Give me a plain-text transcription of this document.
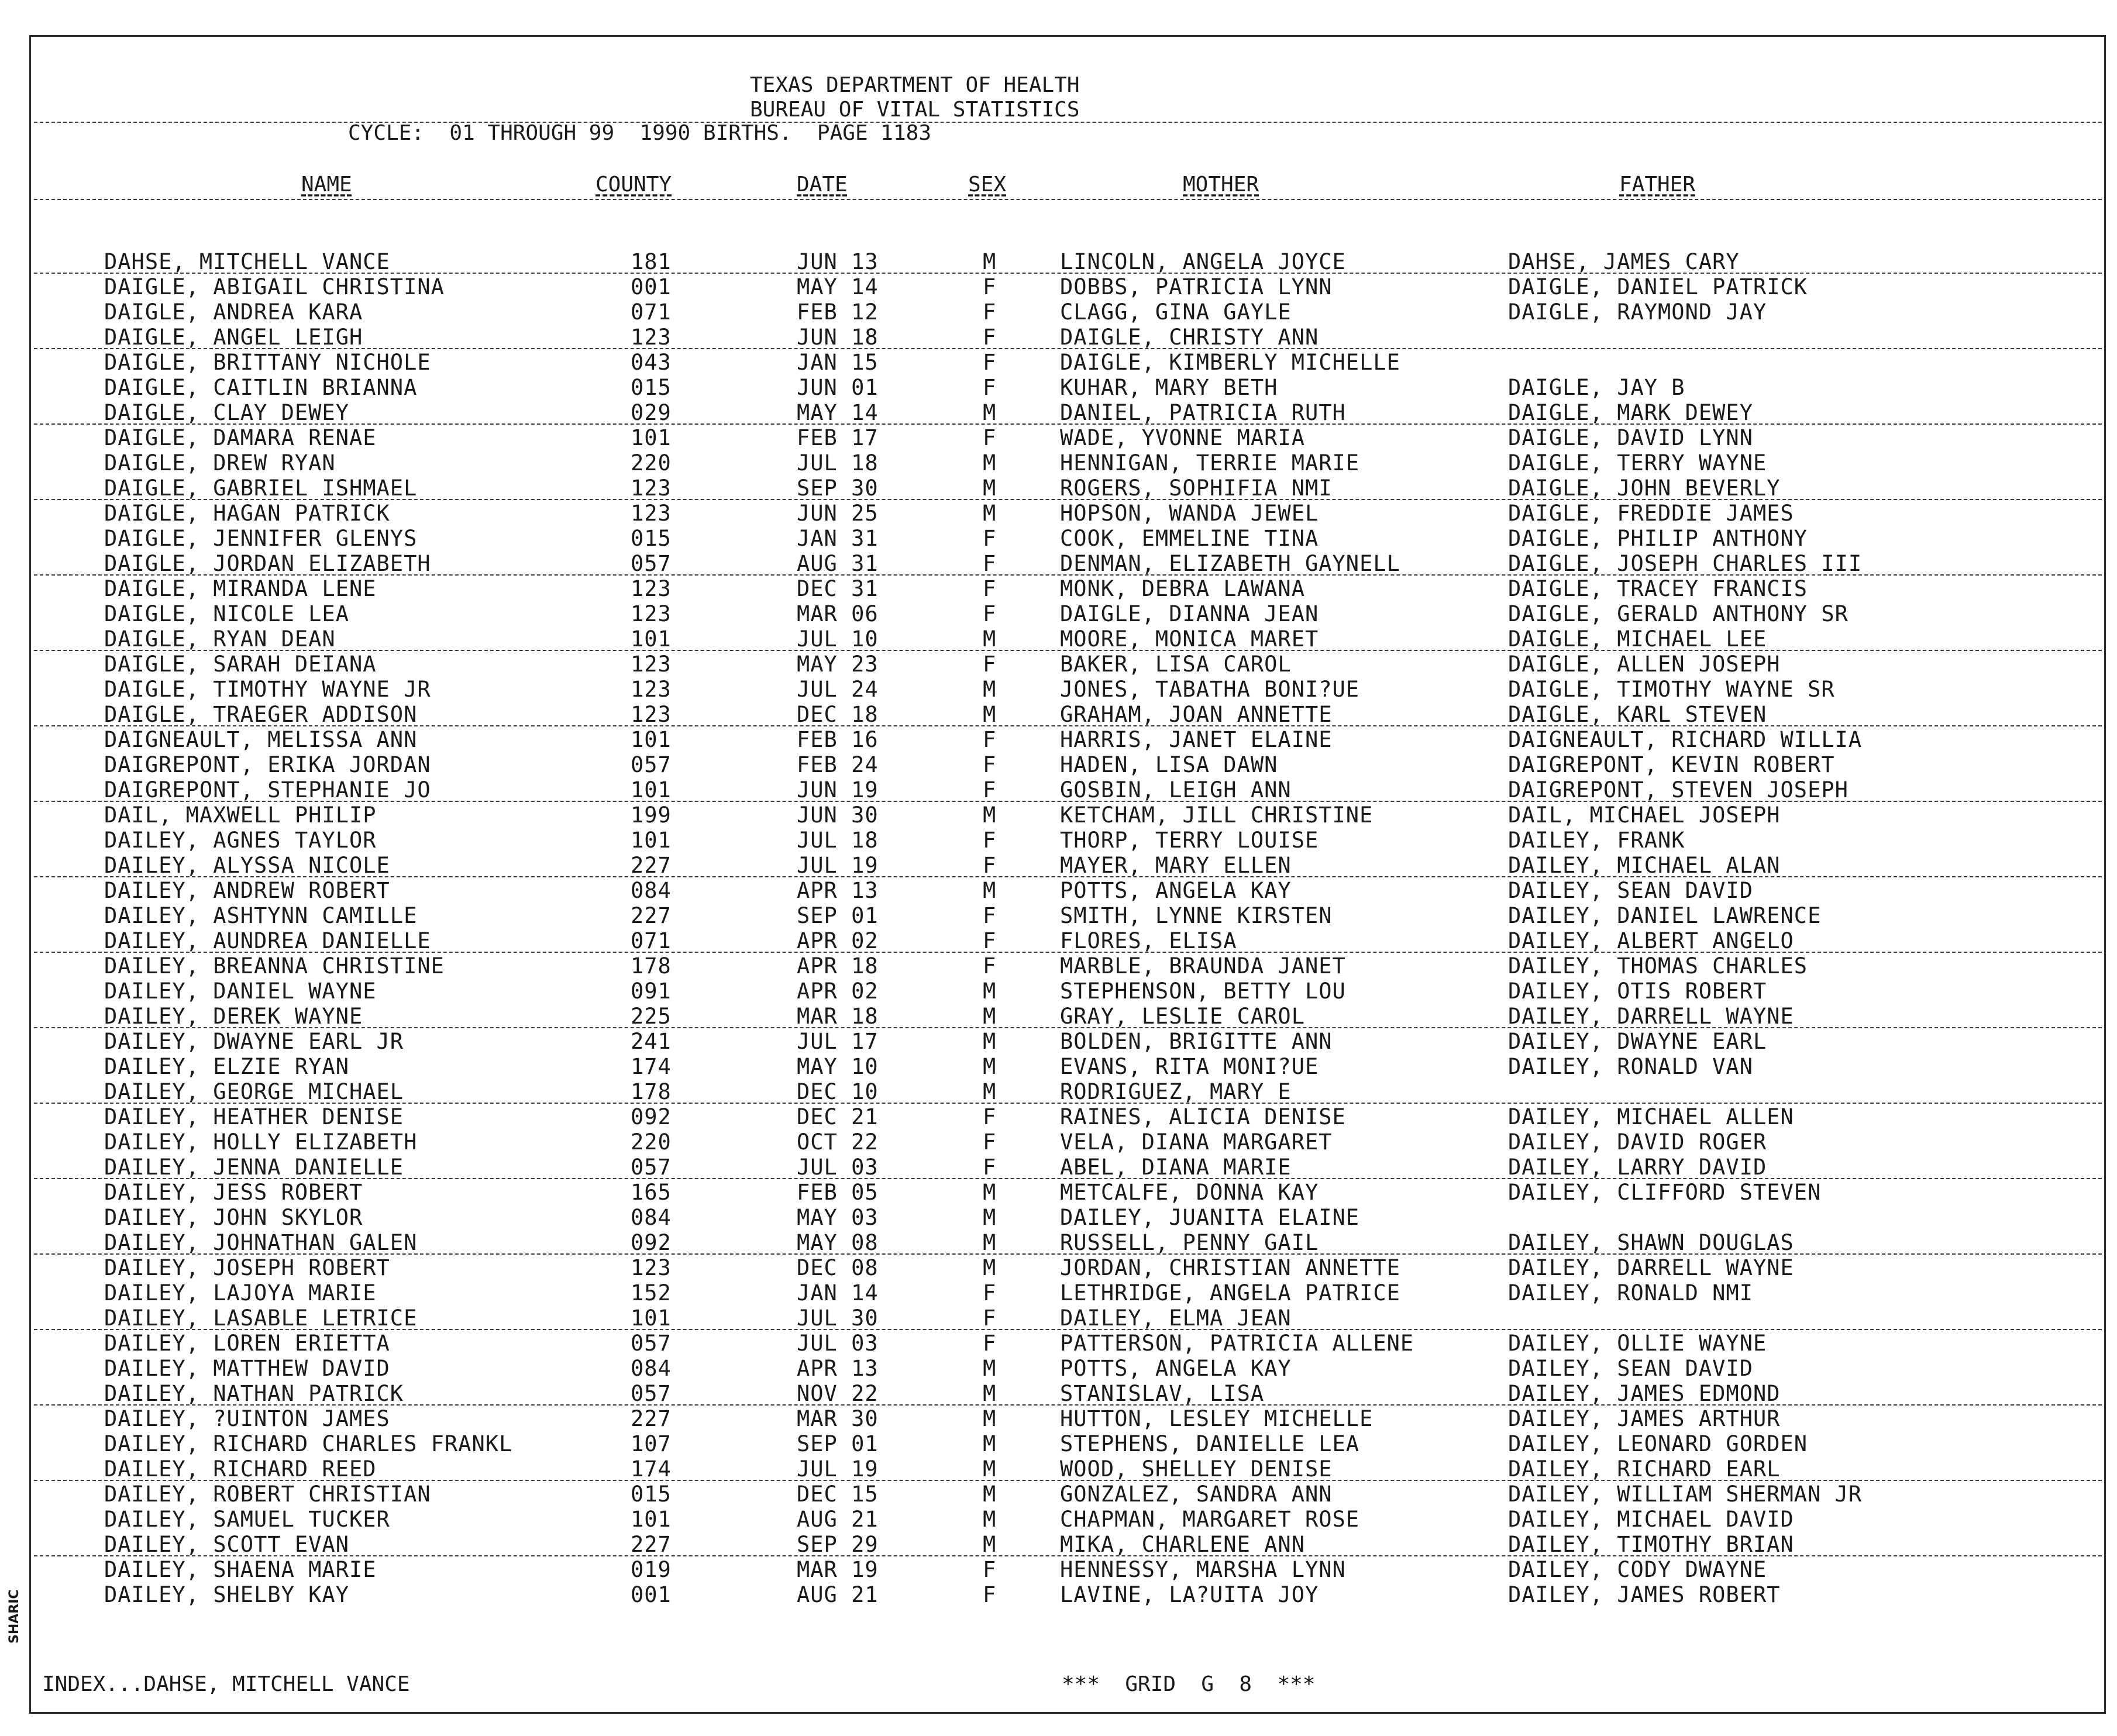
TEXAS DEPARTMENT OF HEALTH
BUREAU OF VITAL STATISTICS
CYCLE:  01 THROUGH 99  1990 BIRTHS.  PAGE 1183
NAME	COUNTY	DATE	SEX	MOTHER	FATHER
DAHSE, MITCHELL VANCE	181	JUN 13	M	LINCOLN, ANGELA JOYCE	DAHSE, JAMES CARY
DAIGLE, ABIGAIL CHRISTINA	001	MAY 14	F	DOBBS, PATRICIA LYNN	DAIGLE, DANIEL PATRICK
DAIGLE, ANDREA KARA	071	FEB 12	F	CLAGG, GINA GAYLE	DAIGLE, RAYMOND JAY
DAIGLE, ANGEL LEIGH	123	JUN 18	F	DAIGLE, CHRISTY ANN
DAIGLE, BRITTANY NICHOLE	043	JAN 15	F	DAIGLE, KIMBERLY MICHELLE
DAIGLE, CAITLIN BRIANNA	015	JUN 01	F	KUHAR, MARY BETH	DAIGLE, JAY B
DAIGLE, CLAY DEWEY	029	MAY 14	M	DANIEL, PATRICIA RUTH	DAIGLE, MARK DEWEY
DAIGLE, DAMARA RENAE	101	FEB 17	F	WADE, YVONNE MARIA	DAIGLE, DAVID LYNN
DAIGLE, DREW RYAN	220	JUL 18	M	HENNIGAN, TERRIE MARIE	DAIGLE, TERRY WAYNE
DAIGLE, GABRIEL ISHMAEL	123	SEP 30	M	ROGERS, SOPHIFIA NMI	DAIGLE, JOHN BEVERLY
DAIGLE, HAGAN PATRICK	123	JUN 25	M	HOPSON, WANDA JEWEL	DAIGLE, FREDDIE JAMES
DAIGLE, JENNIFER GLENYS	015	JAN 31	F	COOK, EMMELINE TINA	DAIGLE, PHILIP ANTHONY
DAIGLE, JORDAN ELIZABETH	057	AUG 31	F	DENMAN, ELIZABETH GAYNELL	DAIGLE, JOSEPH CHARLES III
DAIGLE, MIRANDA LENE	123	DEC 31	F	MONK, DEBRA LAWANA	DAIGLE, TRACEY FRANCIS
DAIGLE, NICOLE LEA	123	MAR 06	F	DAIGLE, DIANNA JEAN	DAIGLE, GERALD ANTHONY SR
DAIGLE, RYAN DEAN	101	JUL 10	M	MOORE, MONICA MARET	DAIGLE, MICHAEL LEE
DAIGLE, SARAH DEIANA	123	MAY 23	F	BAKER, LISA CAROL	DAIGLE, ALLEN JOSEPH
DAIGLE, TIMOTHY WAYNE JR	123	JUL 24	M	JONES, TABATHA BONI?UE	DAIGLE, TIMOTHY WAYNE SR
DAIGLE, TRAEGER ADDISON	123	DEC 18	M	GRAHAM, JOAN ANNETTE	DAIGLE, KARL STEVEN
DAIGNEAULT, MELISSA ANN	101	FEB 16	F	HARRIS, JANET ELAINE	DAIGNEAULT, RICHARD WILLIA
DAIGREPONT, ERIKA JORDAN	057	FEB 24	F	HADEN, LISA DAWN	DAIGREPONT, KEVIN ROBERT
DAIGREPONT, STEPHANIE JO	101	JUN 19	F	GOSBIN, LEIGH ANN	DAIGREPONT, STEVEN JOSEPH
DAIL, MAXWELL PHILIP	199	JUN 30	M	KETCHAM, JILL CHRISTINE	DAIL, MICHAEL JOSEPH
DAILEY, AGNES TAYLOR	101	JUL 18	F	THORP, TERRY LOUISE	DAILEY, FRANK
DAILEY, ALYSSA NICOLE	227	JUL 19	F	MAYER, MARY ELLEN	DAILEY, MICHAEL ALAN
DAILEY, ANDREW ROBERT	084	APR 13	M	POTTS, ANGELA KAY	DAILEY, SEAN DAVID
DAILEY, ASHTYNN CAMILLE	227	SEP 01	F	SMITH, LYNNE KIRSTEN	DAILEY, DANIEL LAWRENCE
DAILEY, AUNDREA DANIELLE	071	APR 02	F	FLORES, ELISA	DAILEY, ALBERT ANGELO
DAILEY, BREANNA CHRISTINE	178	APR 18	F	MARBLE, BRAUNDA JANET	DAILEY, THOMAS CHARLES
DAILEY, DANIEL WAYNE	091	APR 02	M	STEPHENSON, BETTY LOU	DAILEY, OTIS ROBERT
DAILEY, DEREK WAYNE	225	MAR 18	M	GRAY, LESLIE CAROL	DAILEY, DARRELL WAYNE
DAILEY, DWAYNE EARL JR	241	JUL 17	M	BOLDEN, BRIGITTE ANN	DAILEY, DWAYNE EARL
DAILEY, ELZIE RYAN	174	MAY 10	M	EVANS, RITA MONI?UE	DAILEY, RONALD VAN
DAILEY, GEORGE MICHAEL	178	DEC 10	M	RODRIGUEZ, MARY E
DAILEY, HEATHER DENISE	092	DEC 21	F	RAINES, ALICIA DENISE	DAILEY, MICHAEL ALLEN
DAILEY, HOLLY ELIZABETH	220	OCT 22	F	VELA, DIANA MARGARET	DAILEY, DAVID ROGER
DAILEY, JENNA DANIELLE	057	JUL 03	F	ABEL, DIANA MARIE	DAILEY, LARRY DAVID
DAILEY, JESS ROBERT	165	FEB 05	M	METCALFE, DONNA KAY	DAILEY, CLIFFORD STEVEN
DAILEY, JOHN SKYLOR	084	MAY 03	M	DAILEY, JUANITA ELAINE
DAILEY, JOHNATHAN GALEN	092	MAY 08	M	RUSSELL, PENNY GAIL	DAILEY, SHAWN DOUGLAS
DAILEY, JOSEPH ROBERT	123	DEC 08	M	JORDAN, CHRISTIAN ANNETTE	DAILEY, DARRELL WAYNE
DAILEY, LAJOYA MARIE	152	JAN 14	F	LETHRIDGE, ANGELA PATRICE	DAILEY, RONALD NMI
DAILEY, LASABLE LETRICE	101	JUL 30	F	DAILEY, ELMA JEAN
DAILEY, LOREN ERIETTA	057	JUL 03	F	PATTERSON, PATRICIA ALLENE	DAILEY, OLLIE WAYNE
DAILEY, MATTHEW DAVID	084	APR 13	M	POTTS, ANGELA KAY	DAILEY, SEAN DAVID
DAILEY, NATHAN PATRICK	057	NOV 22	M	STANISLAV, LISA	DAILEY, JAMES EDMOND
DAILEY, ?UINTON JAMES	227	MAR 30	M	HUTTON, LESLEY MICHELLE	DAILEY, JAMES ARTHUR
DAILEY, RICHARD CHARLES FRANKL	107	SEP 01	M	STEPHENS, DANIELLE LEA	DAILEY, LEONARD GORDEN
DAILEY, RICHARD REED	174	JUL 19	M	WOOD, SHELLEY DENISE	DAILEY, RICHARD EARL
DAILEY, ROBERT CHRISTIAN	015	DEC 15	M	GONZALEZ, SANDRA ANN	DAILEY, WILLIAM SHERMAN JR
DAILEY, SAMUEL TUCKER	101	AUG 21	M	CHAPMAN, MARGARET ROSE	DAILEY, MICHAEL DAVID
DAILEY, SCOTT EVAN	227	SEP 29	M	MIKA, CHARLENE ANN	DAILEY, TIMOTHY BRIAN
DAILEY, SHAENA MARIE	019	MAR 19	F	HENNESSY, MARSHA LYNN	DAILEY, CODY DWAYNE
DAILEY, SHELBY KAY	001	AUG 21	F	LAVINE, LA?UITA JOY	DAILEY, JAMES ROBERT
INDEX...DAHSE, MITCHELL VANCE	***  GRID  G  8  ***
SHARIC
